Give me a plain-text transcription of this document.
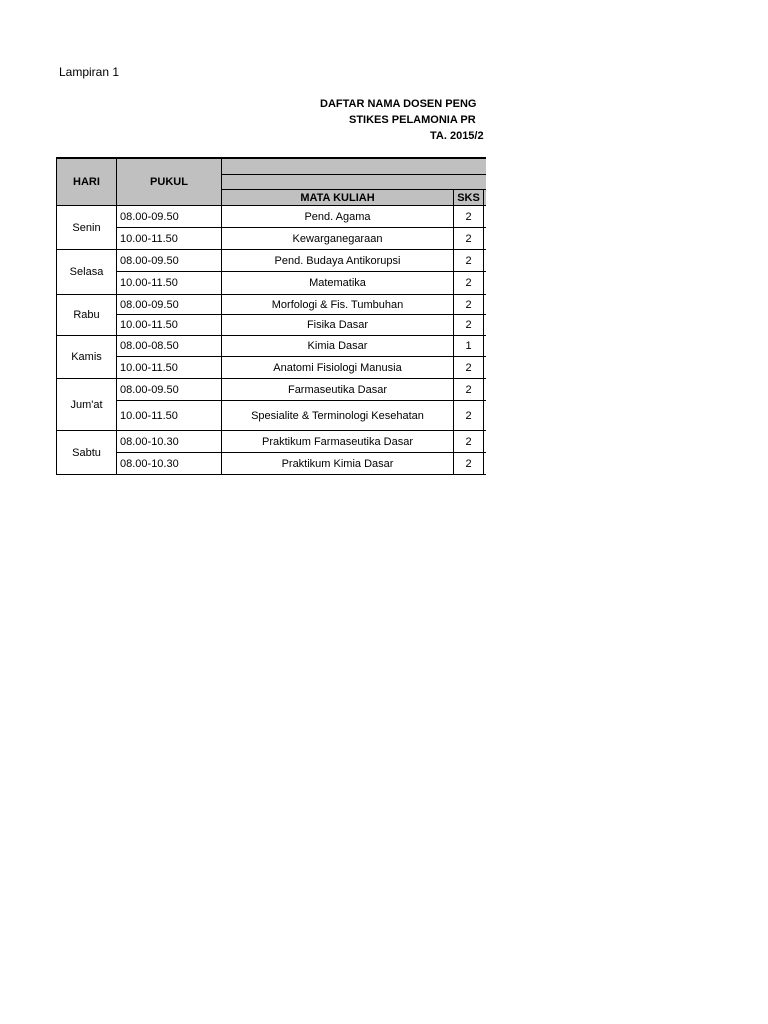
Lampiran 1
DAFTAR NAMA DOSEN PENG
STIKES PELAMONIA PR
TA. 2015/2
HARI	PUKUL			

		MATA KULIAH	SKS	
Senin	08.00-09.50	Pend. Agama	2	
	10.00-11.50	Kewarganegaraan	2	
Selasa	08.00-09.50	Pend. Budaya Antikorupsi	2	
	10.00-11.50	Matematika	2	
Rabu	08.00-09.50	Morfologi & Fis. Tumbuhan	2	
	10.00-11.50	Fisika Dasar	2	
Kamis	08.00-08.50	Kimia Dasar	1	
	10.00-11.50	Anatomi Fisiologi Manusia	2	
Jum'at	08.00-09.50	Farmaseutika Dasar	2	
	10.00-11.50	Spesialite & Terminologi Kesehatan	2	
Sabtu	08.00-10.30	Praktikum Farmaseutika Dasar	2	
	08.00-10.30	Praktikum Kimia Dasar	2	
